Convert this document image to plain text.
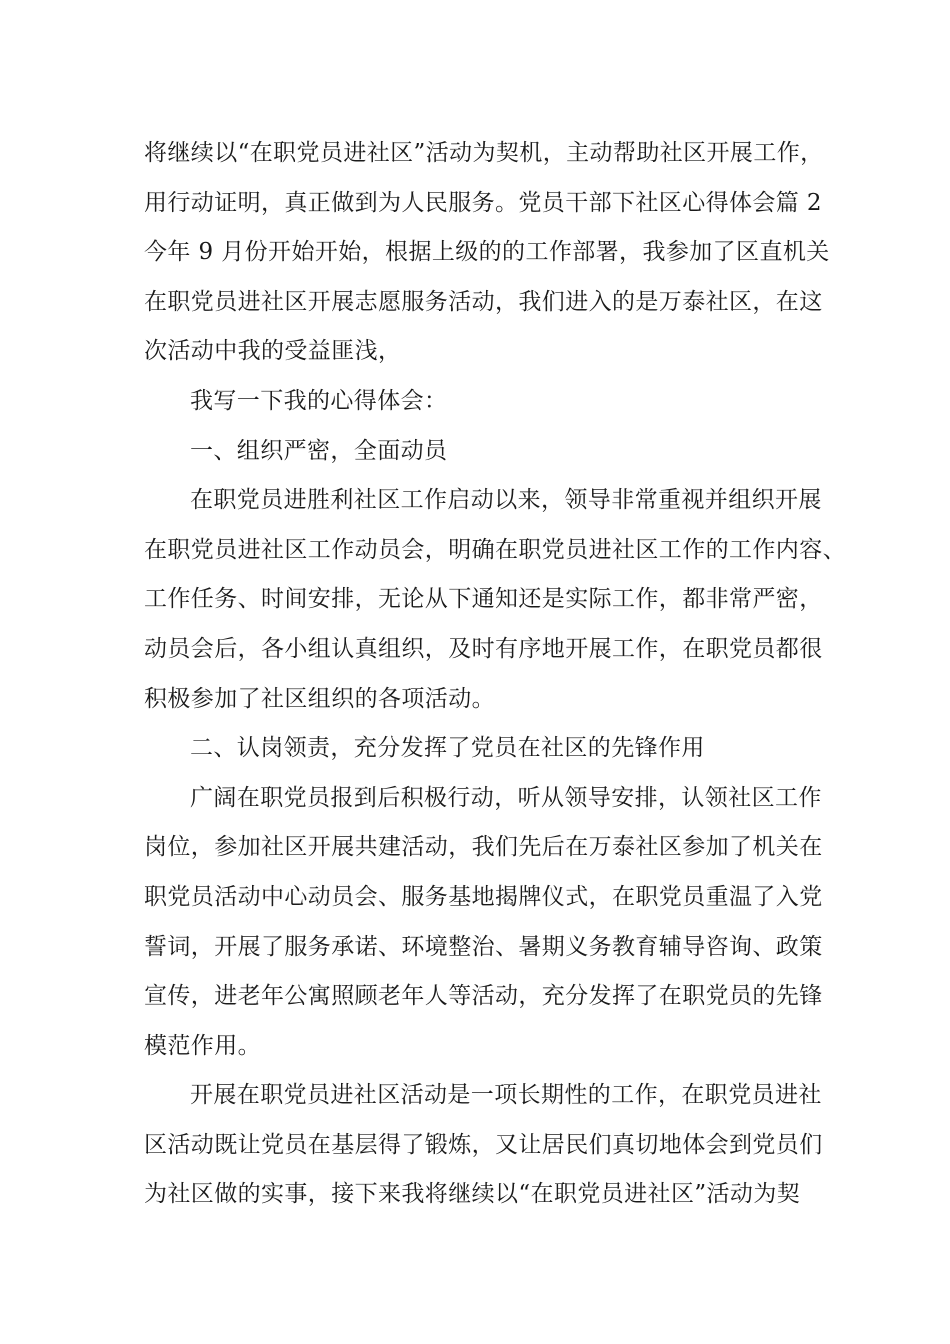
将继续以“在职党员进社区”活动为契机，主动帮助社区开展工作，
用行动证明，真正做到为人民服务。党员干部下社区心得体会篇 2
今年 9 月份开始开始，根据上级的的工作部署，我参加了区直机关
在职党员进社区开展志愿服务活动，我们进入的是万泰社区，在这
次活动中我的受益匪浅，
我写一下我的心得体会：
一、组织严密，全面动员
在职党员进胜利社区工作启动以来，领导非常重视并组织开展
在职党员进社区工作动员会，明确在职党员进社区工作的工作内容、
工作任务、时间安排，无论从下通知还是实际工作，都非常严密，
动员会后，各小组认真组织，及时有序地开展工作，在职党员都很
积极参加了社区组织的各项活动。
二、认岗领责，充分发挥了党员在社区的先锋作用
广阔在职党员报到后积极行动，听从领导安排，认领社区工作
岗位，参加社区开展共建活动，我们先后在万泰社区参加了机关在
职党员活动中心动员会、服务基地揭牌仪式，在职党员重温了入党
誓词，开展了服务承诺、环境整治、暑期义务教育辅导咨询、政策
宣传，进老年公寓照顾老年人等活动，充分发挥了在职党员的先锋
模范作用。
开展在职党员进社区活动是一项长期性的工作，在职党员进社
区活动既让党员在基层得了锻炼，又让居民们真切地体会到党员们
为社区做的实事，接下来我将继续以“在职党员进社区”活动为契
